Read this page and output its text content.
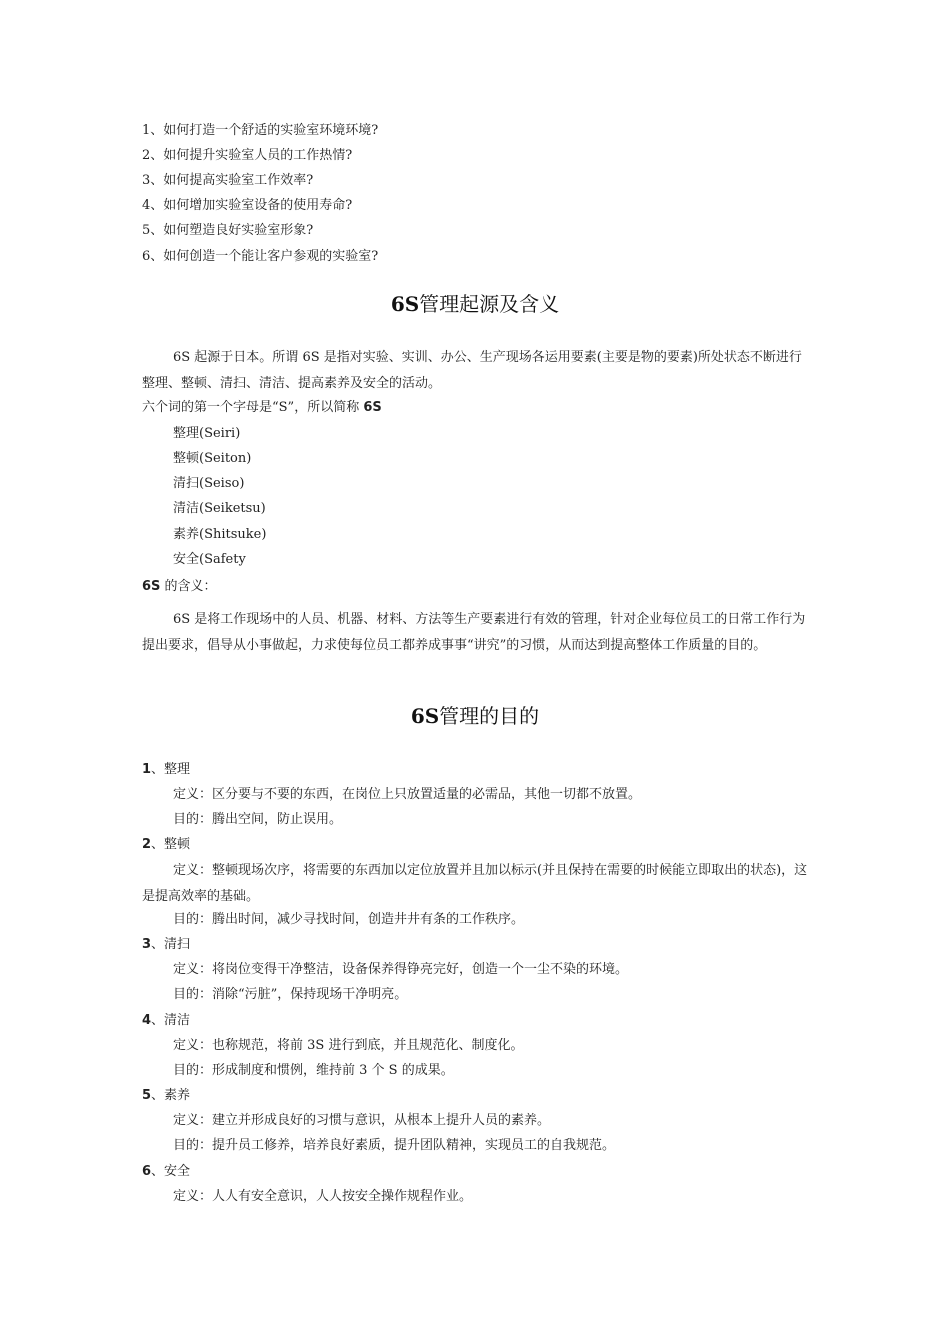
1、如何打造一个舒适的实验室环境环境?
2、如何提升实验室人员的工作热情?
3、如何提高实验室工作效率?
4、如何增加实验室设备的使用寿命?
5、如何塑造良好实验室形象?
6、如何创造一个能让客户参观的实验室?
6S管理起源及含义
6S 起源于日本。所谓 6S 是指对实验、实训、办公、生产现场各运用要素(主要是物的要素)所处状态不断进行整理、整顿、清扫、清洁、提高素养及安全的活动。
六个词的第一个字母是“S”，所以简称 6S
整理(Seiri)
整顿(Seiton)
清扫(Seiso)
清洁(Seiketsu)
素养(Shitsuke)
安全(Safety
6S 的含义：
6S 是将工作现场中的人员、机器、材料、方法等生产要素进行有效的管理，针对企业每位员工的日常工作行为提出要求，倡导从小事做起，力求使每位员工都养成事事“讲究”的习惯，从而达到提高整体工作质量的目的。
6S管理的目的
1、整理
定义：区分要与不要的东西，在岗位上只放置适量的必需品，其他一切都不放置。
目的：腾出空间，防止误用。
2、整顿
定义：整顿现场次序，将需要的东西加以定位放置并且加以标示(并且保持在需要的时候能立即取出的状态)，这是提高效率的基础。
目的：腾出时间，减少寻找时间，创造井井有条的工作秩序。
3、清扫
定义：将岗位变得干净整洁，设备保养得铮亮完好，创造一个一尘不染的环境。
目的：消除“污脏”，保持现场干净明亮。
4、清洁
定义：也称规范，将前 3S 进行到底，并且规范化、制度化。
目的：形成制度和惯例，维持前 3 个 S 的成果。
5、素养
定义：建立并形成良好的习惯与意识，从根本上提升人员的素养。
目的：提升员工修养，培养良好素质，提升团队精神，实现员工的自我规范。
6、安全
定义：人人有安全意识，人人按安全操作规程作业。
